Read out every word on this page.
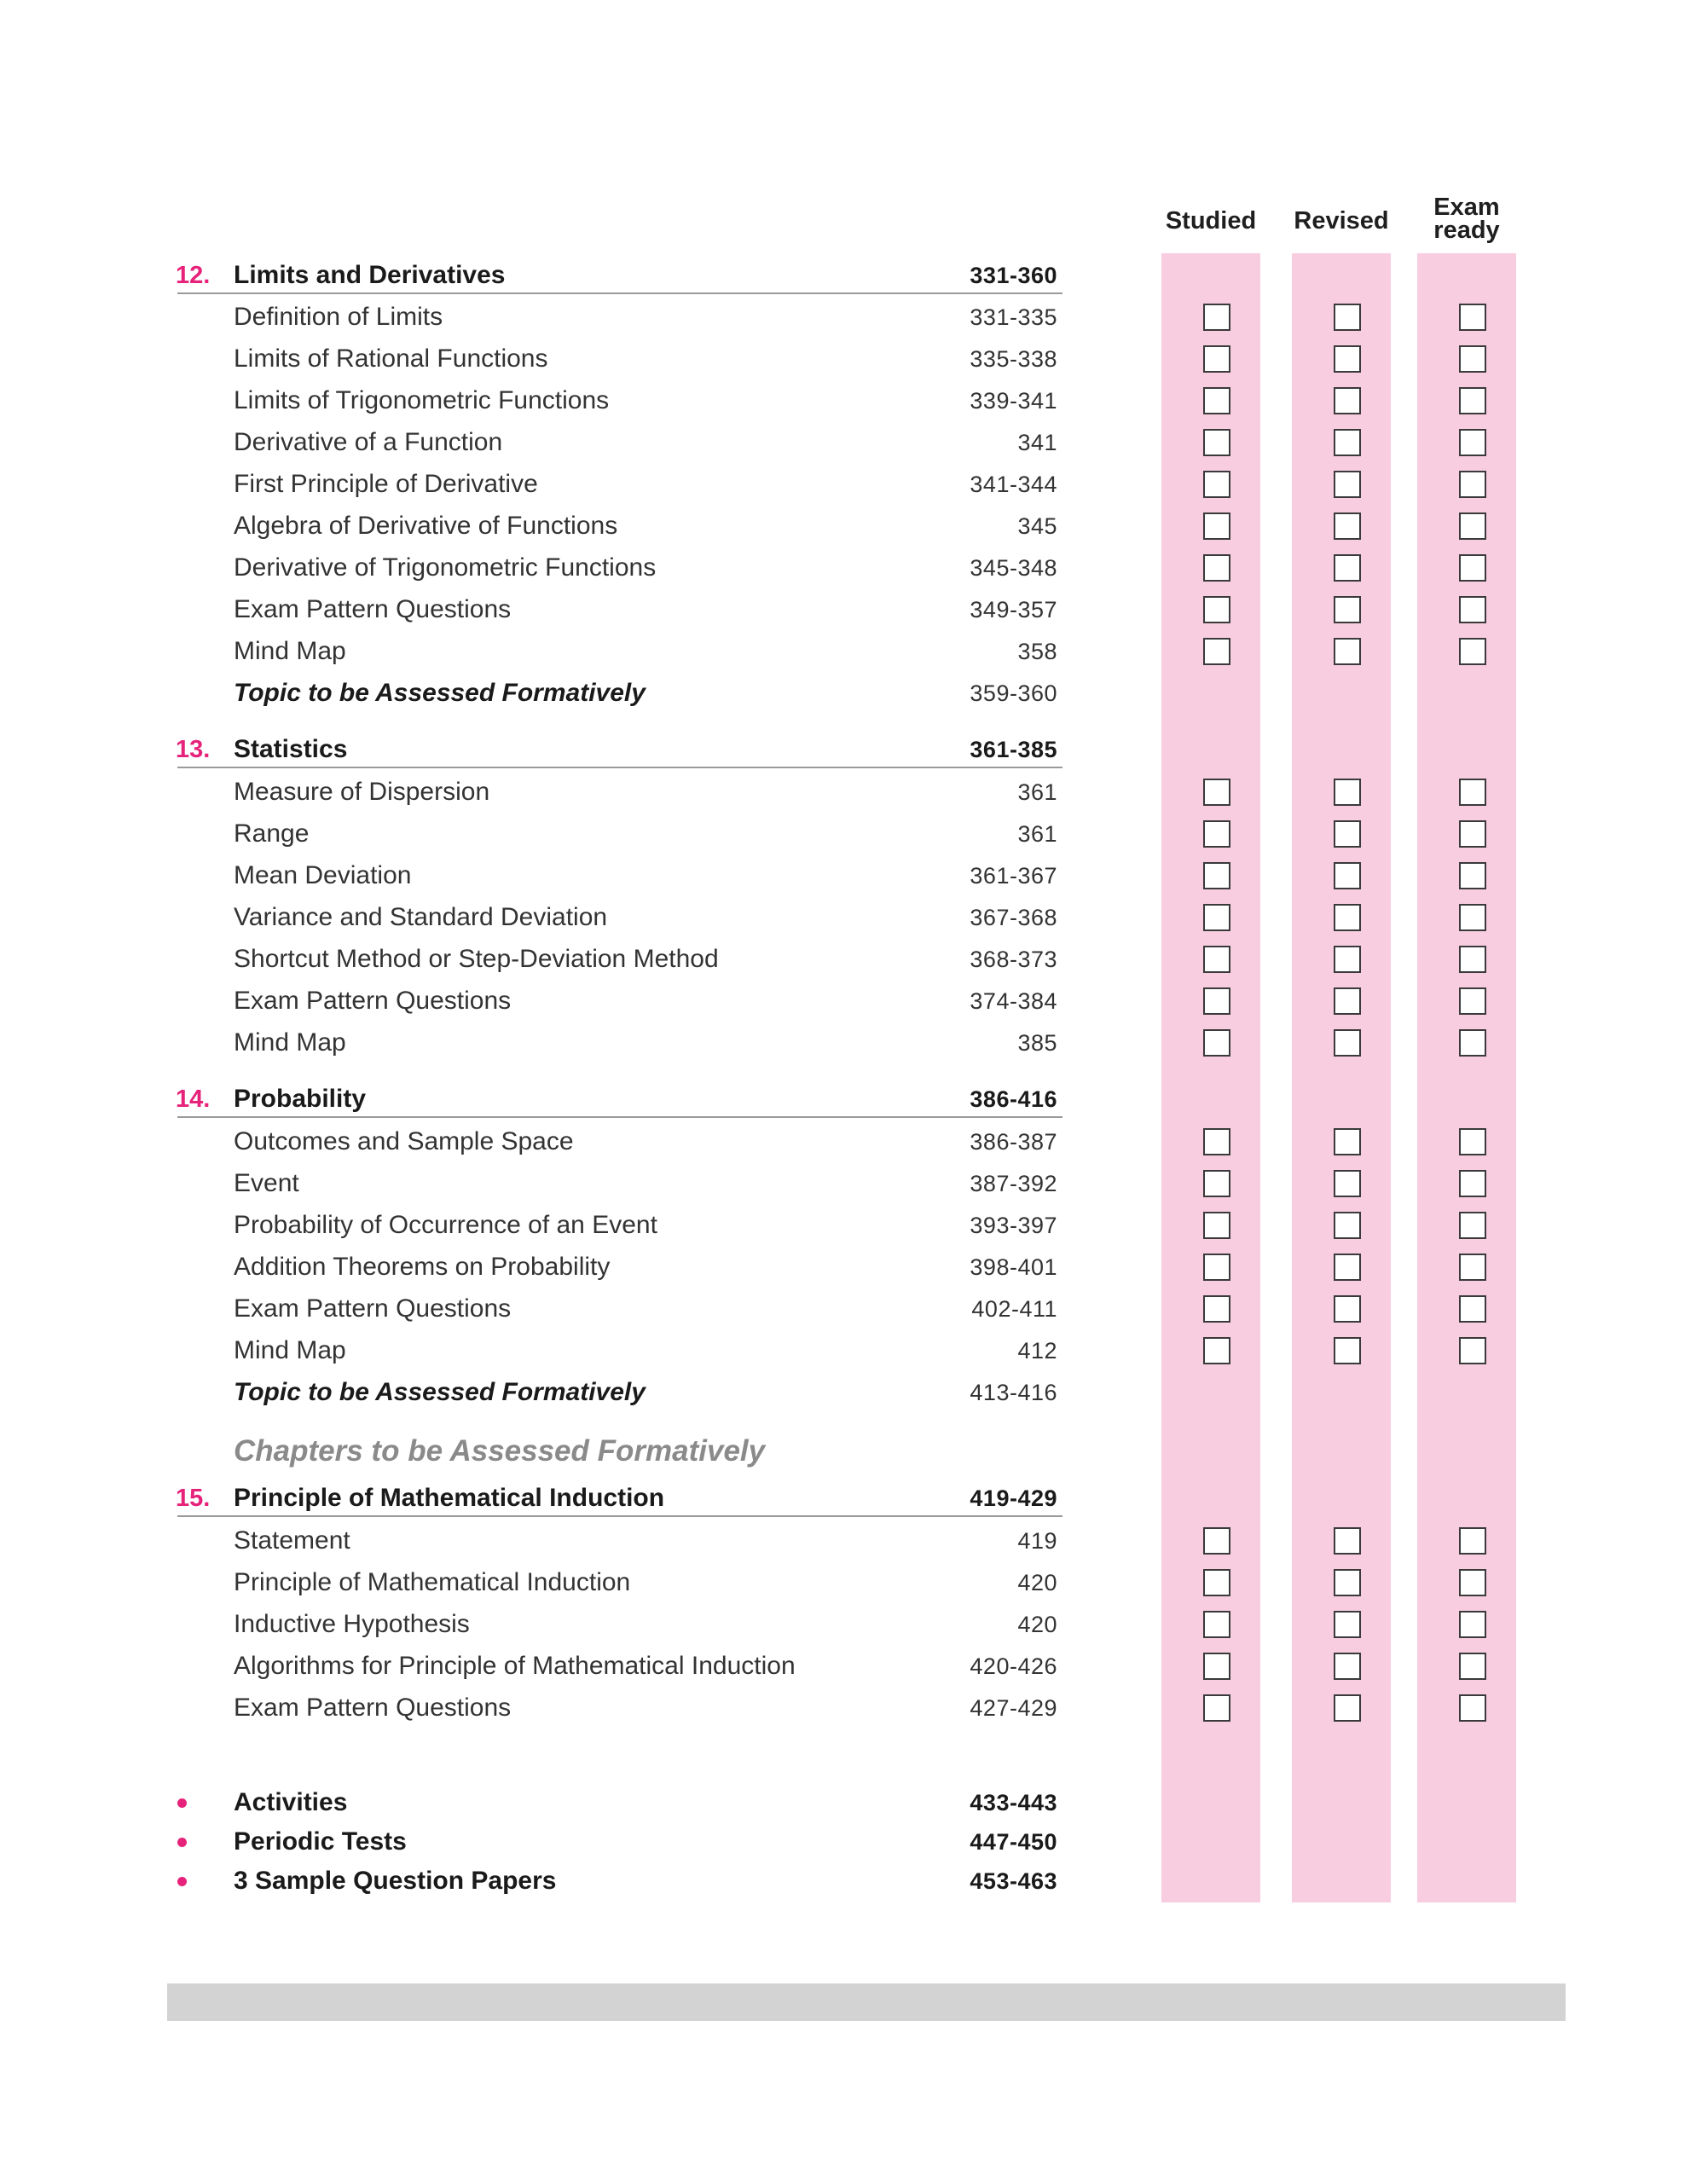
Studied	Revised	Exam
ready
12. Limits and Derivatives	331-360
Definition of Limits	331-335
Limits of Rational Functions	335-338
Limits of Trigonometric Functions	339-341
Derivative of a Function	341
First Principle of Derivative	341-344
Algebra of Derivative of Functions	345
Derivative of Trigonometric Functions	345-348
Exam Pattern Questions	349-357
Mind Map	358
Topic to be Assessed Formatively	359-360
13. Statistics	361-385
Measure of Dispersion	361
Range	361
Mean Deviation	361-367
Variance and Standard Deviation	367-368
Shortcut Method or Step-Deviation Method	368-373
Exam Pattern Questions	374-384
Mind Map	385
14. Probability	386-416
Outcomes and Sample Space	386-387
Event	387-392
Probability of Occurrence of an Event	393-397
Addition Theorems on Probability	398-401
Exam Pattern Questions	402-411
Mind Map	412
Topic to be Assessed Formatively	413-416
Chapters to be Assessed Formatively
15. Principle of Mathematical Induction	419-429
Statement	419
Principle of Mathematical Induction	420
Inductive Hypothesis	420
Algorithms for Principle of Mathematical Induction	420-426
Exam Pattern Questions	427-429
Activities	433-443
Periodic Tests	447-450
3 Sample Question Papers	453-463
